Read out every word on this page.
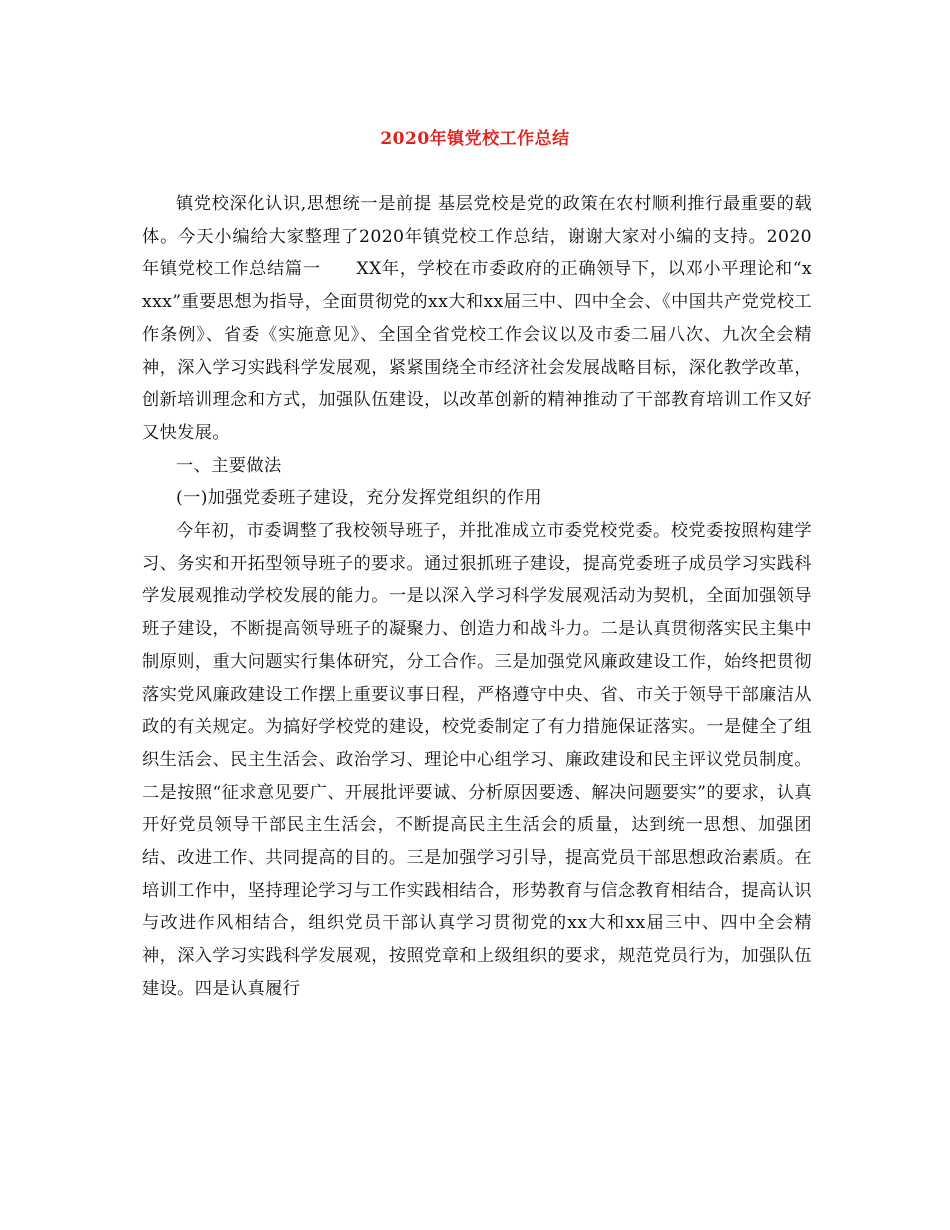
2020年镇党校工作总结

镇党校深化认识,思想统一是前提 基层党校是党的政策在农村顺利推行最重要的载体。今天小编给大家整理了2020年镇党校工作总结，谢谢大家对小编的支持。2020年镇党校工作总结篇一　　XX年，学校在市委政府的正确领导下，以邓小平理论和“xxxx”重要思想为指导，全面贯彻党的xx大和xx届三中、四中全会、《中国共产党党校工作条例》、省委《实施意见》、全国全省党校工作会议以及市委二届八次、九次全会精神，深入学习实践科学发展观，紧紧围绕全市经济社会发展战略目标，深化教学改革，创新培训理念和方式，加强队伍建设，以改革创新的精神推动了干部教育培训工作又好又快发展。

一、主要做法

(一)加强党委班子建设，充分发挥党组织的作用

今年初，市委调整了我校领导班子，并批准成立市委党校党委。校党委按照构建学习、务实和开拓型领导班子的要求。通过狠抓班子建设，提高党委班子成员学习实践科学发展观推动学校发展的能力。一是以深入学习科学发展观活动为契机，全面加强领导班子建设，不断提高领导班子的凝聚力、创造力和战斗力。二是认真贯彻落实民主集中制原则，重大问题实行集体研究，分工合作。三是加强党风廉政建设工作，始终把贯彻落实党风廉政建设工作摆上重要议事日程，严格遵守中央、省、市关于领导干部廉洁从政的有关规定。为搞好学校党的建设，校党委制定了有力措施保证落实。一是健全了组织生活会、民主生活会、政治学习、理论中心组学习、廉政建设和民主评议党员制度。二是按照“征求意见要广、开展批评要诚、分析原因要透、解决问题要实”的要求，认真开好党员领导干部民主生活会，不断提高民主生活会的质量，达到统一思想、加强团结、改进工作、共同提高的目的。三是加强学习引导，提高党员干部思想政治素质。在培训工作中，坚持理论学习与工作实践相结合，形势教育与信念教育相结合，提高认识与改进作风相结合，组织党员干部认真学习贯彻党的xx大和xx届三中、四中全会精神，深入学习实践科学发展观，按照党章和上级组织的要求，规范党员行为，加强队伍建设。四是认真履行
